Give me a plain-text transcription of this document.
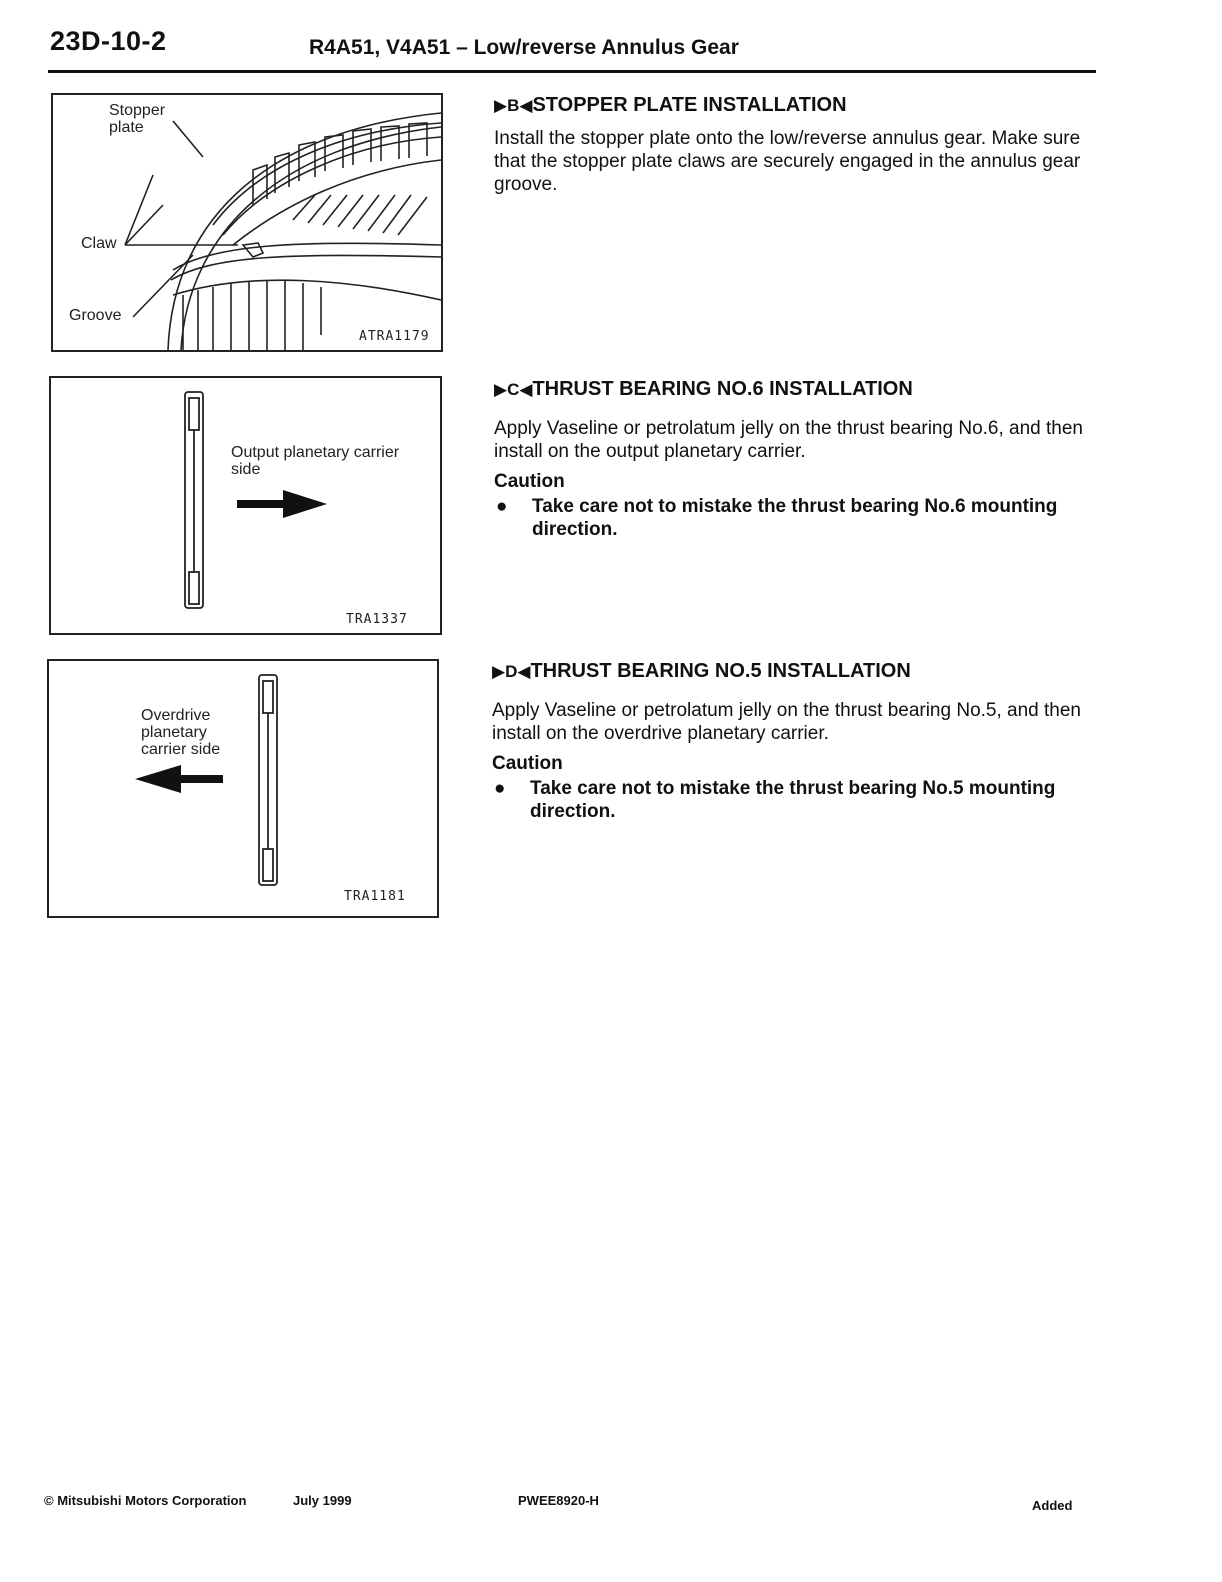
23D-10-2	R4A51, V4A51 – Low/reverse Annulus Gear
Stopper plate
Claw
Groove
ATRA1179
Output planetary carrier side
TRA1337
Overdrive planetary carrier side
TRA1181
▶B◀STOPPER PLATE INSTALLATION

Install the stopper plate onto the low/reverse annulus gear. Make sure that the stopper plate claws are securely engaged in the annulus gear groove.

▶C◀THRUST BEARING NO.6 INSTALLATION

Apply Vaseline or petrolatum jelly on the thrust bearing No.6, and then install on the output planetary carrier.

Caution
● Take care not to mistake the thrust bearing No.6 mounting direction.
▶D◀THRUST BEARING NO.5 INSTALLATION

Apply Vaseline or petrolatum jelly on the thrust bearing No.5, and then install on the overdrive planetary carrier.

Caution
● Take care not to mistake the thrust bearing No.5 mounting direction.
© Mitsubishi Motors Corporation	July 1999	PWEE8920-H	Added
